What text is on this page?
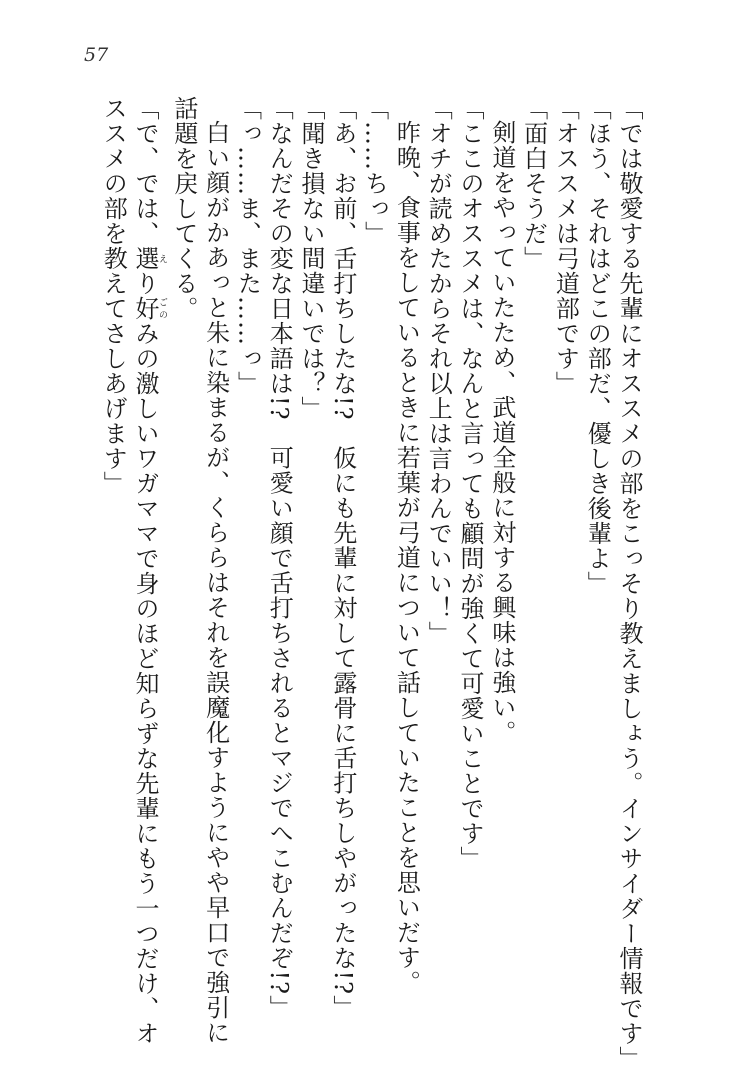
57

「では敬愛する先輩にオススメの部をこっそり教えましょう。インサイダー情報です」

「ほう、それはどこの部だ、優しき後輩よ」

「オススメは弓道部です」

「面白そうだ」

剣道をやっていたため、武道全般に対する興味は強い。

「ここのオススメは、なんと言っても顧問が強くて可愛いことです」

「オチが読めたからそれ以上は言わんでいい！」

昨晩、食事をしているときに若葉が弓道について話していたことを思いだす。

「……ちっ」

「あ、お前、舌打ちしたな!?　仮にも先輩に対して露骨に舌打ちしやがったな!?」

「聞き損ない間違いでは？」

「なんだその変な日本語は!?　可愛い顔で舌打ちされるとマジでへこむんだぞ!?」

「っ……ま、また……っ」

白い顔がかあっと朱に染まるが、くららはそれを誤魔化すようにやや早口で強引に

話題を戻してくる。

「で、では、選えり好ごのみの激しいワガママで身のほど知らずな先輩にもう一つだけ、オ

ススメの部を教えてさしあげます」
